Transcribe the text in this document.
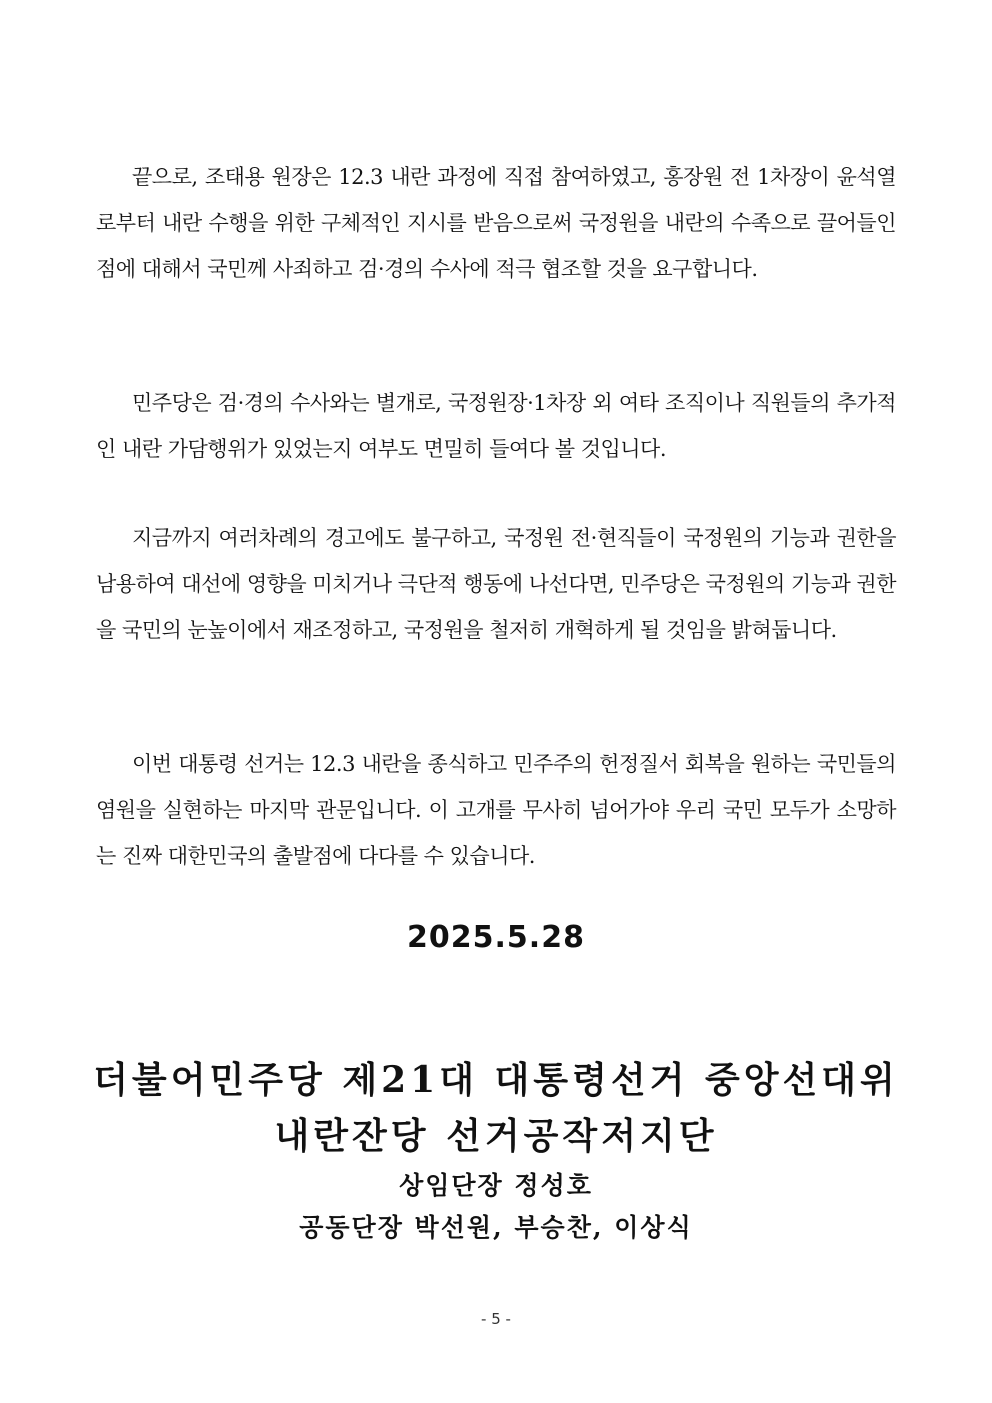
끝으로, 조태용 원장은 12.3 내란 과정에 직접 참여하였고, 홍장원 전 1차장이 윤석열로부터 내란 수행을 위한 구체적인 지시를 받음으로써 국정원을 내란의 수족으로 끌어들인 점에 대해서 국민께 사죄하고 검·경의 수사에 적극 협조할 것을 요구합니다.

민주당은 검·경의 수사와는 별개로, 국정원장·1차장 외 여타 조직이나 직원들의 추가적인 내란 가담행위가 있었는지 여부도 면밀히 들여다 볼 것입니다.

지금까지 여러차례의 경고에도 불구하고, 국정원 전·현직들이 국정원의 기능과 권한을 남용하여 대선에 영향을 미치거나 극단적 행동에 나선다면, 민주당은 국정원의 기능과 권한을 국민의 눈높이에서 재조정하고, 국정원을 철저히 개혁하게 될 것임을 밝혀둡니다.

이번 대통령 선거는 12.3 내란을 종식하고 민주주의 헌정질서 회복을 원하는 국민들의 염원을 실현하는 마지막 관문입니다. 이 고개를 무사히 넘어가야 우리 국민 모두가 소망하는 진짜 대한민국의 출발점에 다다를 수 있습니다.

2025.5.28

더불어민주당 제21대 대통령선거 중앙선대위

내란잔당 선거공작저지단

상임단장 정성호

공동단장 박선원, 부승찬, 이상식

- 5 -
